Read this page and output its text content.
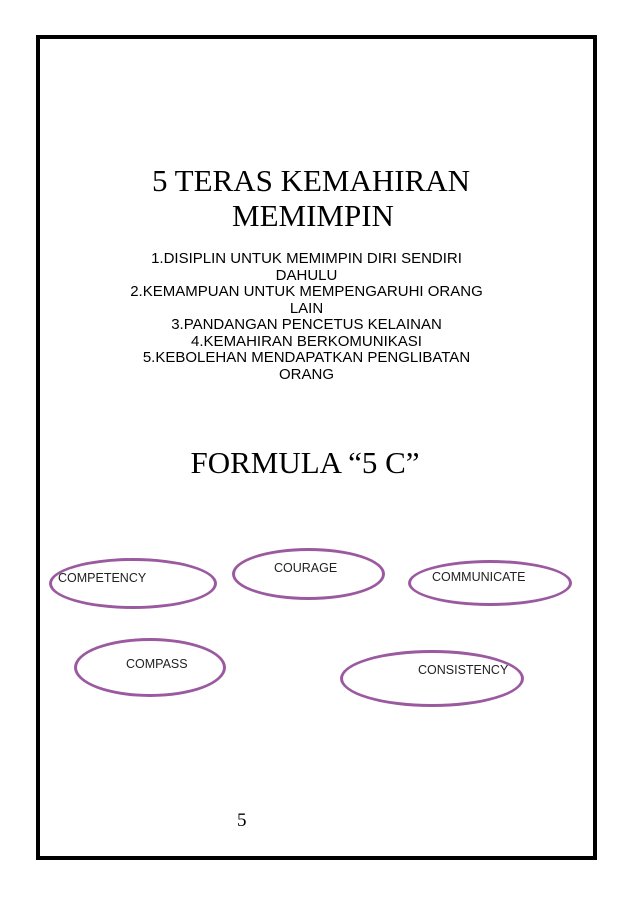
5 TERAS KEMAHIRAN
MEMIMPIN
1.DISIPLIN UNTUK MEMIMPIN DIRI SENDIRI
DAHULU
2.KEMAMPUAN UNTUK MEMPENGARUHI ORANG
LAIN
3.PANDANGAN PENCETUS KELAINAN
4.KEMAHIRAN BERKOMUNIKASI
5.KEBOLEHAN MENDAPATKAN PENGLIBATAN
ORANG
FORMULA “5 C”
COMPETENCY
COURAGE
COMMUNICATE
COMPASS	CONSISTENCY
5
